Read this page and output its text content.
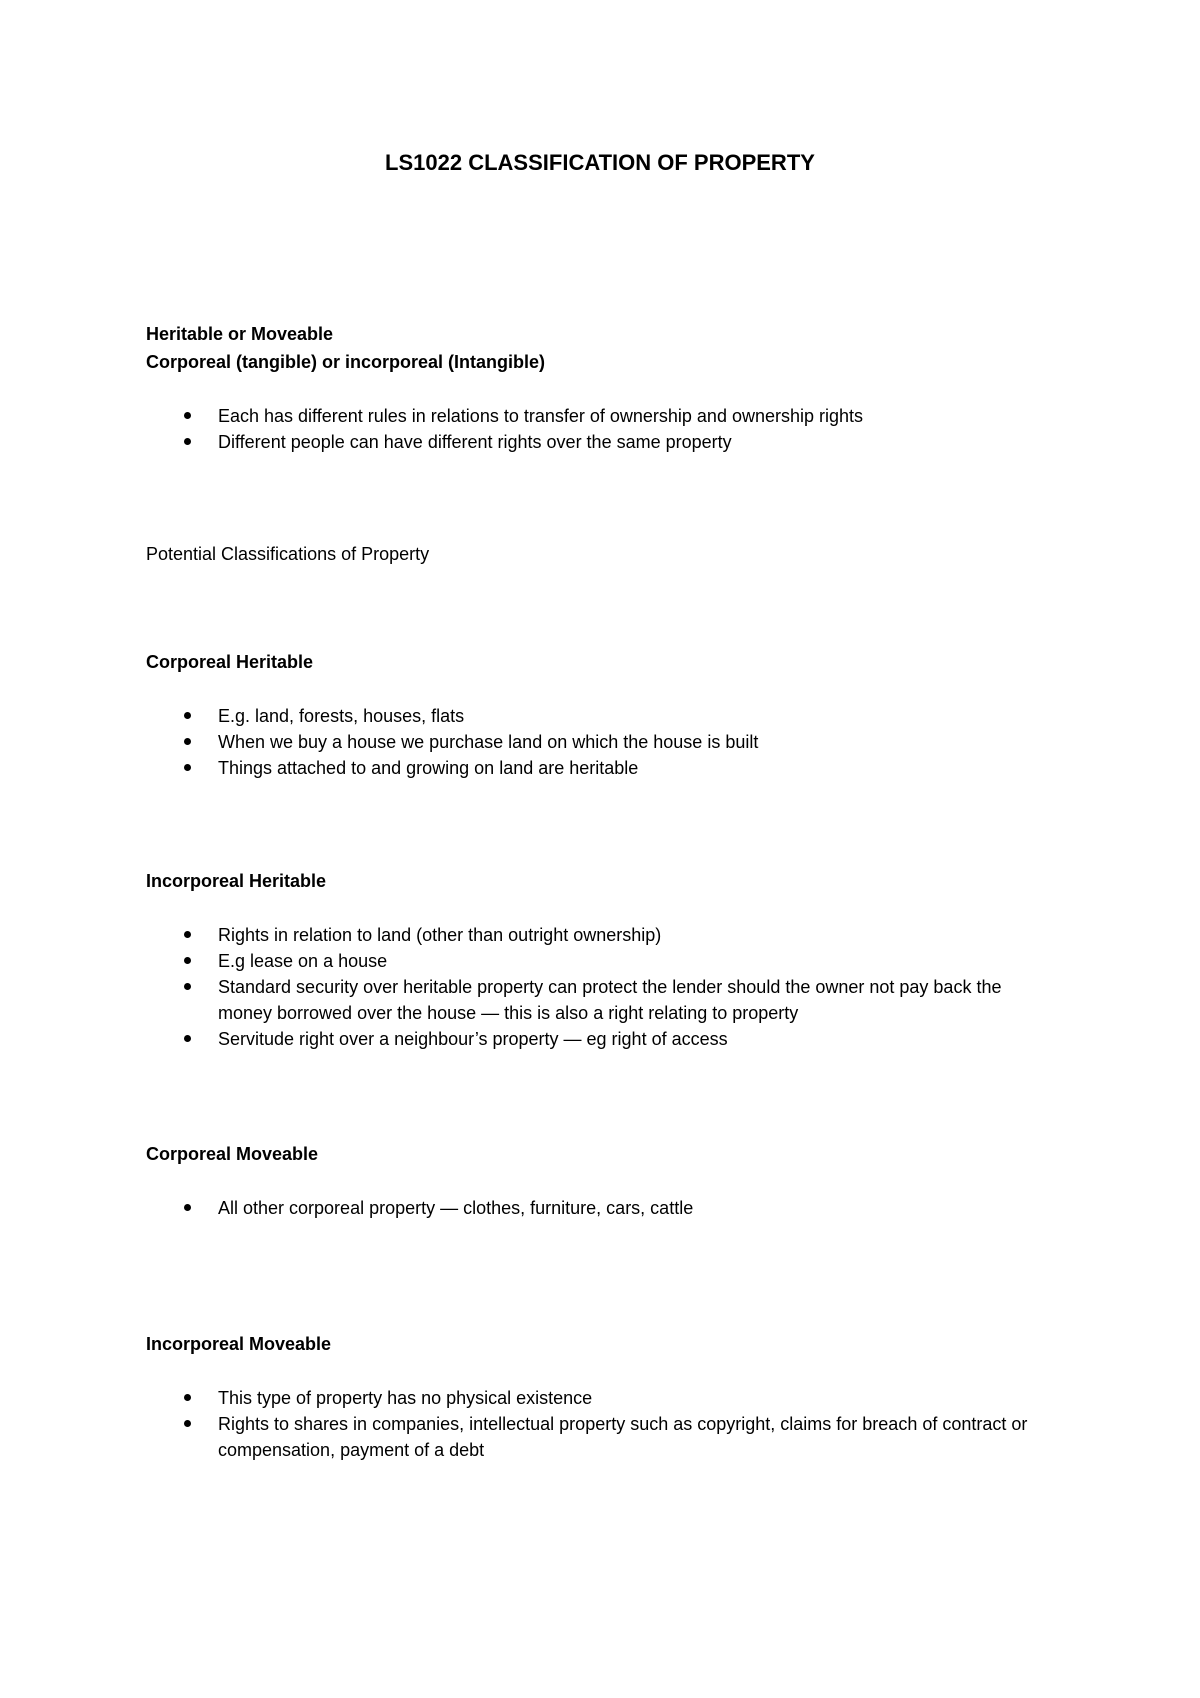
LS1022 CLASSIFICATION OF PROPERTY
Heritable or Moveable
Corporeal (tangible) or incorporeal (Intangible)
Each has different rules in relations to transfer of ownership and ownership rights
Different people can have different rights over the same property
Potential Classifications of Property
Corporeal Heritable
E.g. land, forests, houses, flats
When we buy a house we purchase land on which the house is built
Things attached to and growing on land are heritable
Incorporeal Heritable
Rights in relation to land (other than outright ownership)
E.g lease on a house
Standard security over heritable property can protect the lender should the owner not pay back the money borrowed over the house — this is also a right relating to property
Servitude right over a neighbour’s property — eg right of access
Corporeal Moveable
All other corporeal property — clothes, furniture, cars, cattle
Incorporeal Moveable
This type of property has no physical existence
Rights to shares in companies, intellectual property such as copyright, claims for breach of contract or compensation, payment of a debt
